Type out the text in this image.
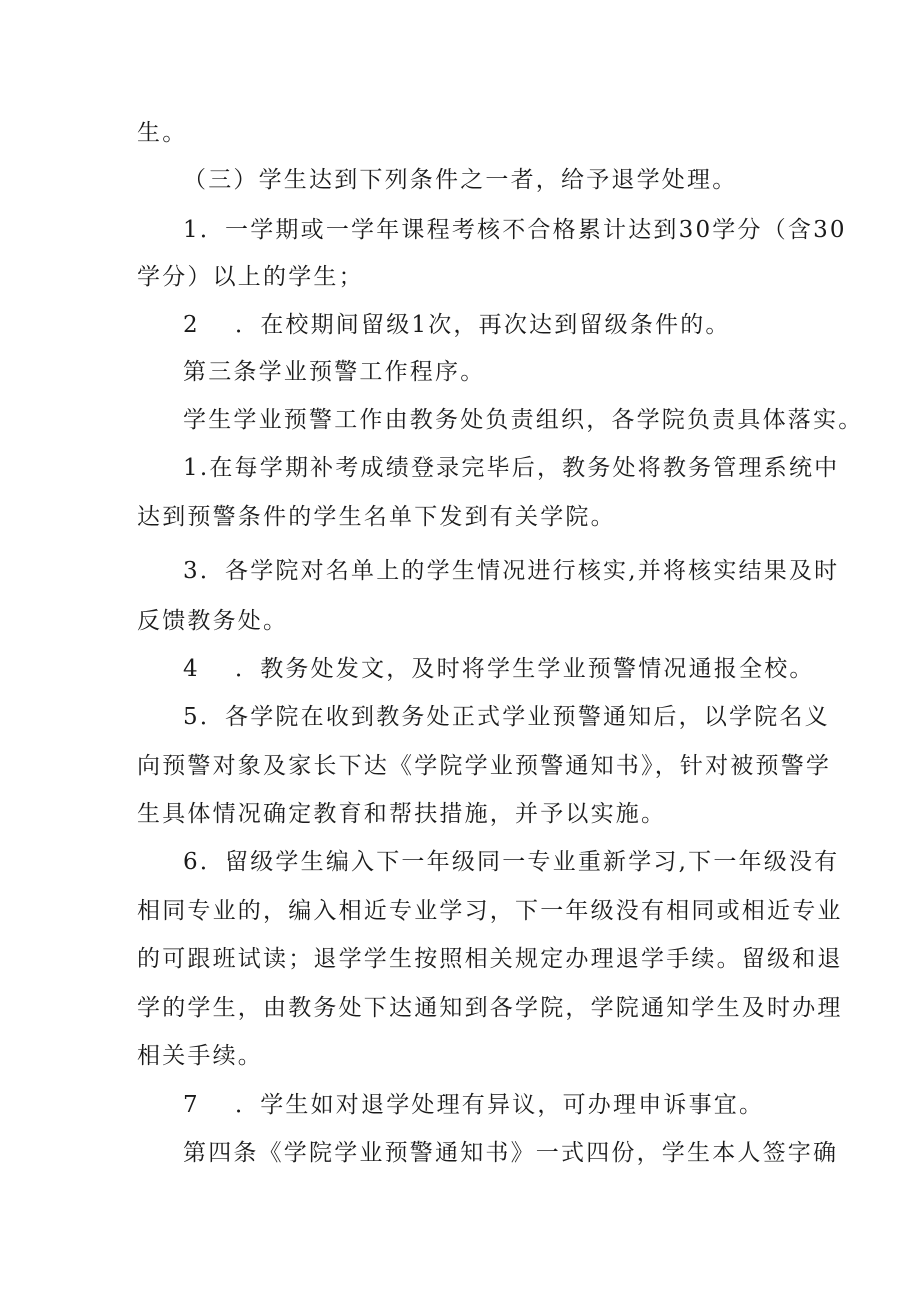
生。
（三）学生达到下列条件之一者，给予退学处理。
1．一学期或一学年课程考核不合格累计达到30学分（含30
学分）以上的学生；
2 ．在校期间留级1次，再次达到留级条件的。
第三条学业预警工作程序。
学生学业预警工作由教务处负责组织，各学院负责具体落实。
1.在每学期补考成绩登录完毕后，教务处将教务管理系统中
达到预警条件的学生名单下发到有关学院。
3．各学院对名单上的学生情况进行核实,并将核实结果及时
反馈教务处。
4 ．教务处发文，及时将学生学业预警情况通报全校。
5．各学院在收到教务处正式学业预警通知后，以学院名义
向预警对象及家长下达《学院学业预警通知书》，针对被预警学
生具体情况确定教育和帮扶措施，并予以实施。
6．留级学生编入下一年级同一专业重新学习,下一年级没有
相同专业的，编入相近专业学习，下一年级没有相同或相近专业
的可跟班试读；退学学生按照相关规定办理退学手续。留级和退
学的学生，由教务处下达通知到各学院，学院通知学生及时办理
相关手续。
7 ．学生如对退学处理有异议，可办理申诉事宜。
第四条《学院学业预警通知书》一式四份，学生本人签字确
